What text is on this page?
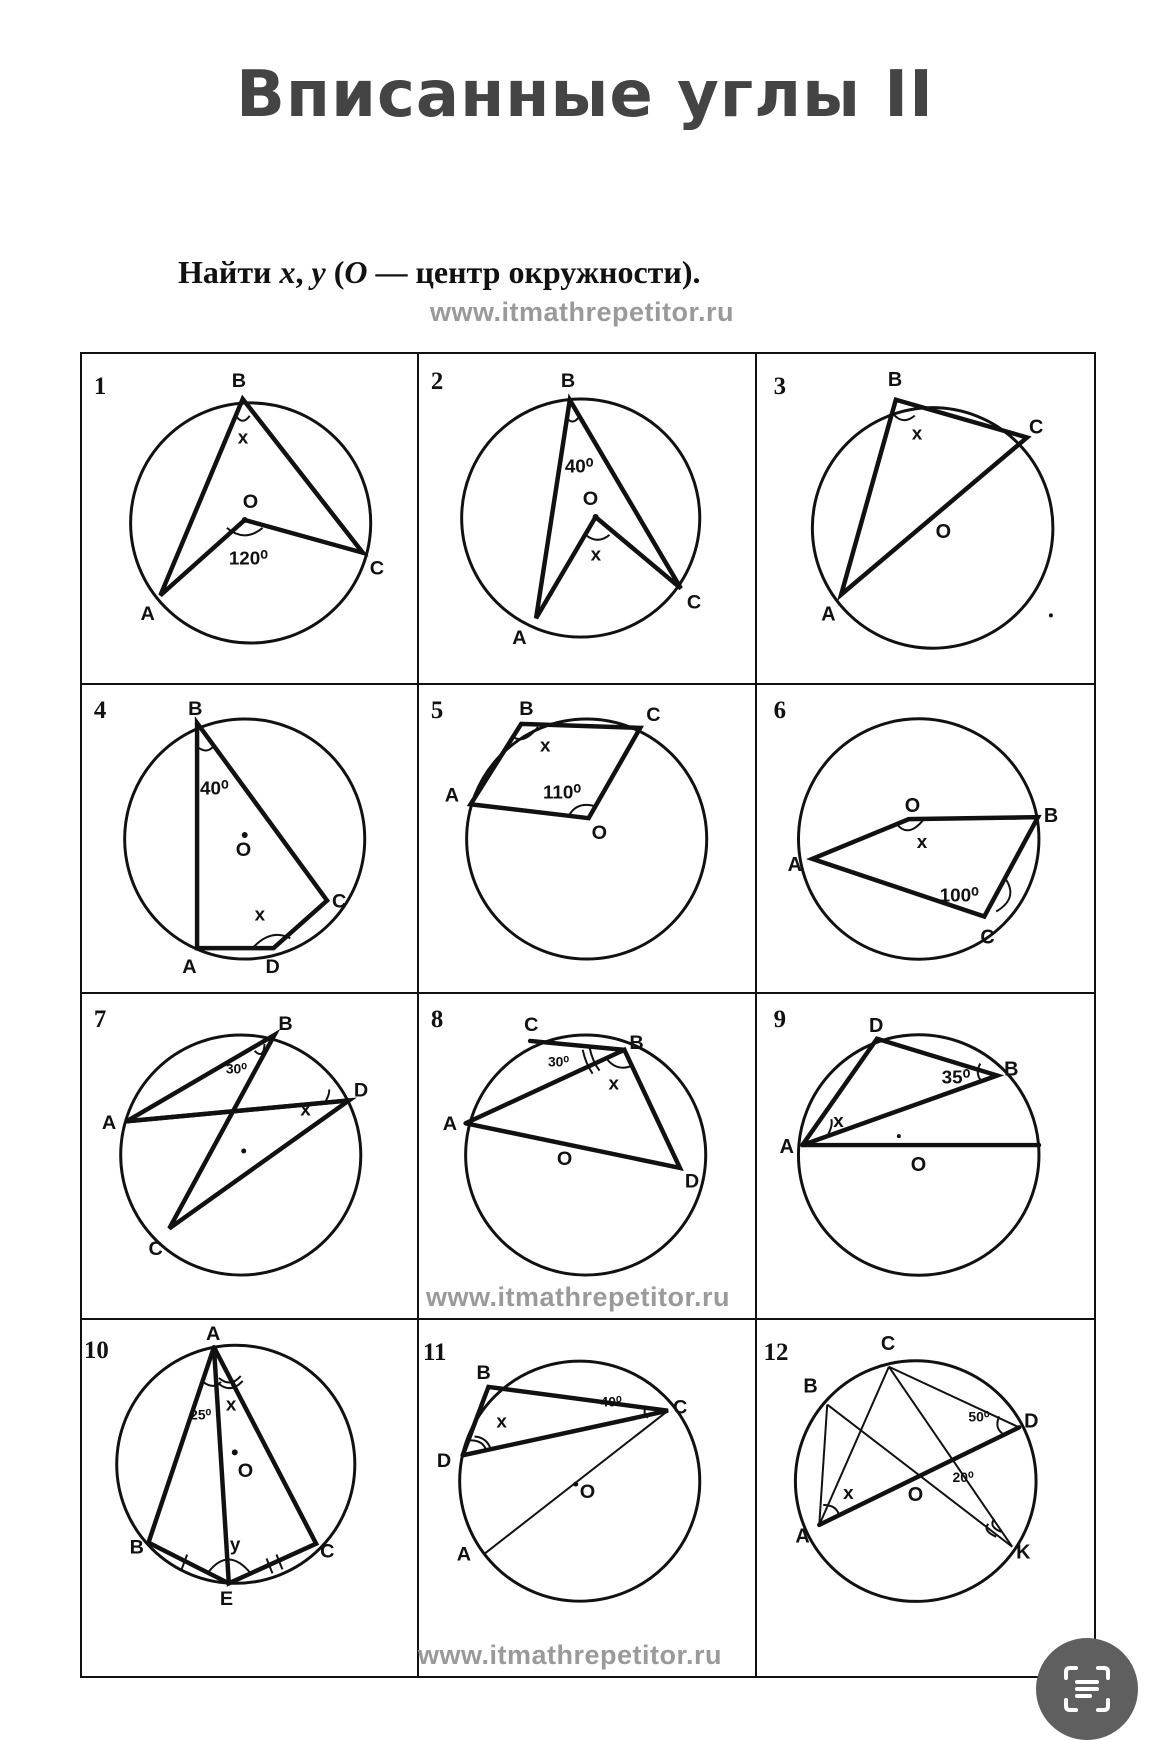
Вписанные углы II

Найти x, y (O — центр окружности).

www.itmathrepetitor.ru
1	B
A
C
O
x
120⁰
2	B
A
C
O
40⁰
x
3	B
C
A
O
x
4	B
O
C
A	D
40⁰
x
5	B	C
A
O
x
110⁰
6
O	B
A
C
x
100⁰
7	B
D
A
C
30⁰
x
8	C
B
A
O
D
30⁰
x
9	D
B
A
O
35⁰
x
10
A
O
B
E
C
25⁰ x
y
11
B
C
D
O
A
40⁰
x
12	C
B
D
O
A
K
50⁰
20⁰
x
www.itmathrepetitor.ru
www.itmathrepetitor.ru
